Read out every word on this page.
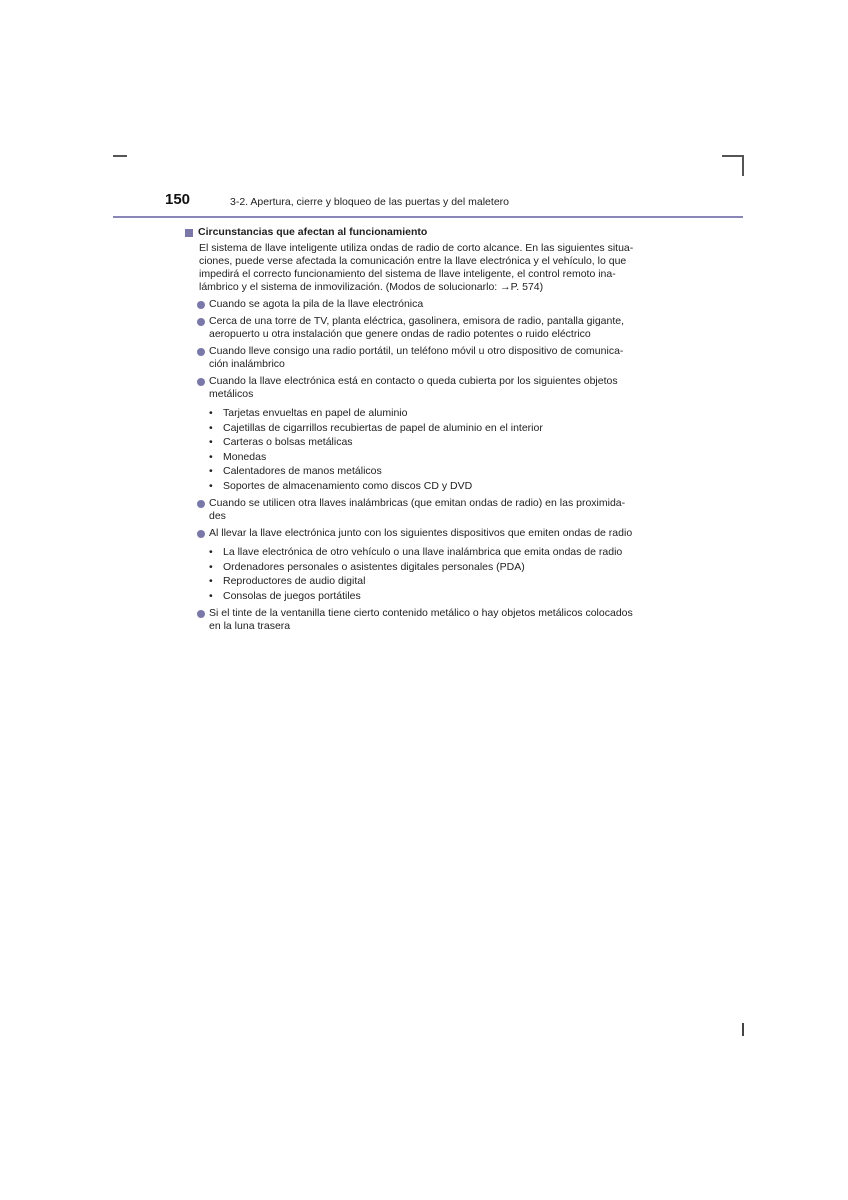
150	3-2. Apertura, cierre y bloqueo de las puertas y del maletero
Circunstancias que afectan al funcionamiento
El sistema de llave inteligente utiliza ondas de radio de corto alcance. En las siguientes situa-
ciones, puede verse afectada la comunicación entre la llave electrónica y el vehículo, lo que
impedirá el correcto funcionamiento del sistema de llave inteligente, el control remoto ina-
lámbrico y el sistema de inmovilización. (Modos de solucionarlo: →P. 574)
Cuando se agota la pila de la llave electrónica
Cerca de una torre de TV, planta eléctrica, gasolinera, emisora de radio, pantalla gigante,
aeropuerto u otra instalación que genere ondas de radio potentes o ruido eléctrico
Cuando lleve consigo una radio portátil, un teléfono móvil u otro dispositivo de comunica-
ción inalámbrico
Cuando la llave electrónica está en contacto o queda cubierta por los siguientes objetos
metálicos
• Tarjetas envueltas en papel de aluminio
• Cajetillas de cigarrillos recubiertas de papel de aluminio en el interior
• Carteras o bolsas metálicas
• Monedas
• Calentadores de manos metálicos
• Soportes de almacenamiento como discos CD y DVD
Cuando se utilicen otra llaves inalámbricas (que emitan ondas de radio) en las proximida-
des
Al llevar la llave electrónica junto con los siguientes dispositivos que emiten ondas de radio
• La llave electrónica de otro vehículo o una llave inalámbrica que emita ondas de radio
• Ordenadores personales o asistentes digitales personales (PDA)
• Reproductores de audio digital
• Consolas de juegos portátiles
Si el tinte de la ventanilla tiene cierto contenido metálico o hay objetos metálicos colocados
en la luna trasera
